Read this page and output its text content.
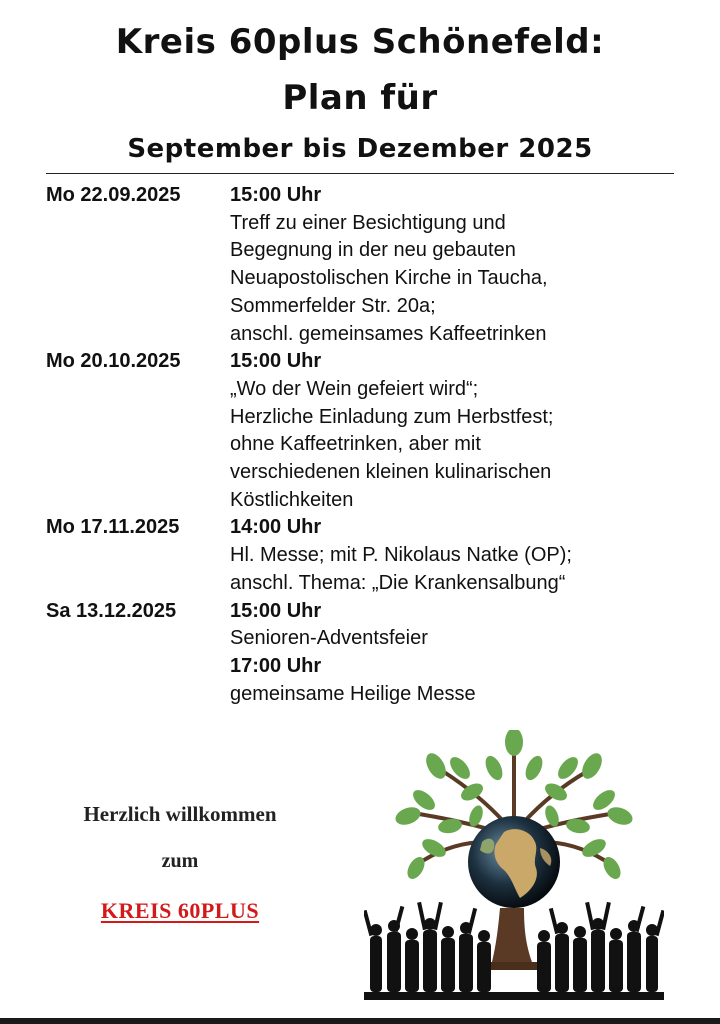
Kreis 60plus Schönefeld:
Plan für
September bis Dezember 2025
Mo 22.09.2025	15:00 Uhr
Treff zu einer Besichtigung und
Begegnung in der neu gebauten
Neuapostolischen Kirche in Taucha,
Sommerfelder Str. 20a;
anschl. gemeinsames Kaffeetrinken
Mo 20.10.2025	15:00 Uhr
„Wo der Wein gefeiert wird“;
Herzliche Einladung zum Herbstfest;
ohne Kaffeetrinken, aber mit
verschiedenen kleinen kulinarischen
Köstlichkeiten
Mo 17.11.2025	14:00 Uhr
Hl. Messe; mit P. Nikolaus Natke (OP);
anschl. Thema: „Die Krankensalbung“
Sa 13.12.2025	15:00 Uhr
Senioren-Adventsfeier
17:00 Uhr
gemeinsame Heilige Messe
Herzlich willkommen
zum
KREIS 60PLUS
